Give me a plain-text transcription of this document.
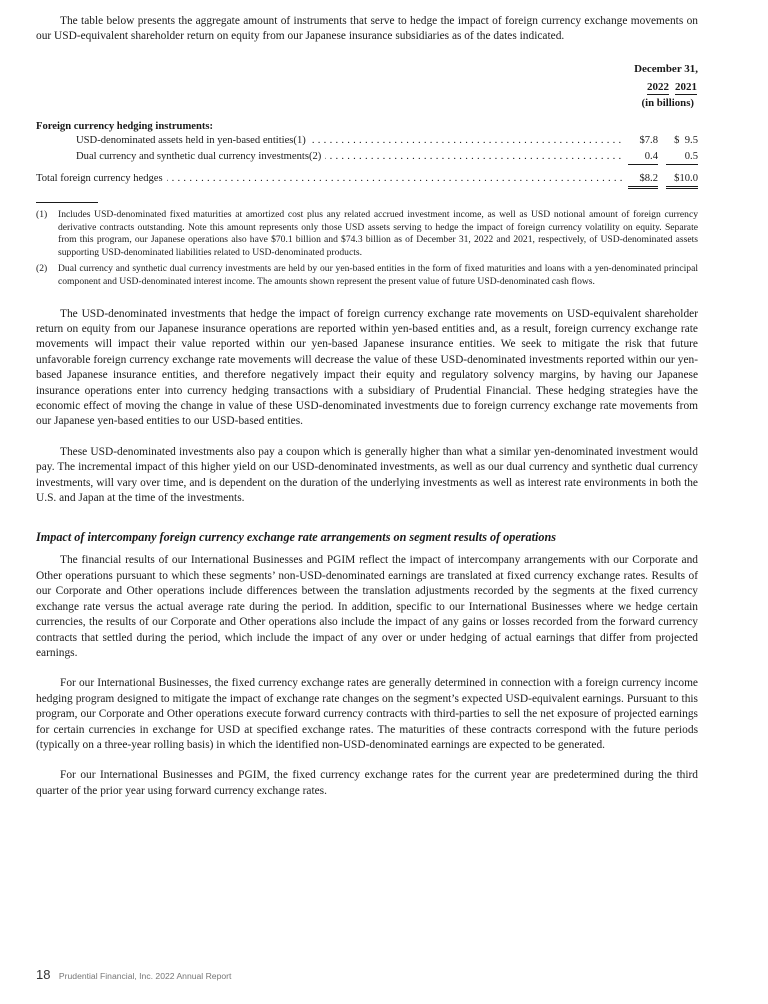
The table below presents the aggregate amount of instruments that serve to hedge the impact of foreign currency exchange movements on our USD-equivalent shareholder return on equity from our Japanese insurance subsidiaries as of the dates indicated.

December 31,
2022 2021
(in billions)
Foreign currency hedging instruments:
USD-denominated assets held in yen-based entities(1) . . .	$7.8	$  9.5
Dual currency and synthetic dual currency investments(2) . . .	0.4	0.5
Total foreign currency hedges . . .	$8.2	$10.0
(1) Includes USD-denominated fixed maturities at amortized cost plus any related accrued investment income, as well as USD notional amount of foreign currency derivative contracts outstanding. Note this amount represents only those USD assets serving to hedge the impact of foreign currency volatility on equity. Separate from this program, our Japanese operations also have $70.1 billion and $74.3 billion as of December 31, 2022 and 2021, respectively, of USD-denominated assets supporting USD-denominated liabilities related to USD-denominated products.
(2) Dual currency and synthetic dual currency investments are held by our yen-based entities in the form of fixed maturities and loans with a yen-denominated principal component and USD-denominated interest income. The amounts shown represent the present value of future USD-denominated cash flows.

The USD-denominated investments that hedge the impact of foreign currency exchange rate movements on USD-equivalent shareholder return on equity from our Japanese insurance operations are reported within yen-based entities and, as a result, foreign currency exchange rate movements will impact their value reported within our yen-based Japanese insurance entities. We seek to mitigate the risk that future unfavorable foreign currency exchange rate movements will decrease the value of these USD-denominated investments reported within our yen-based Japanese insurance entities, and therefore negatively impact their equity and regulatory solvency margins, by having our Japanese insurance operations enter into currency hedging transactions with a subsidiary of Prudential Financial. These hedging strategies have the economic effect of moving the change in value of these USD-denominated investments due to foreign currency exchange rate movements from our Japanese yen-based entities to our USD-based entities.

These USD-denominated investments also pay a coupon which is generally higher than what a similar yen-denominated investment would pay. The incremental impact of this higher yield on our USD-denominated investments, as well as our dual currency and synthetic dual currency investments, will vary over time, and is dependent on the duration of the underlying investments as well as interest rate environments in both the U.S. and Japan at the time of the investments.

Impact of intercompany foreign currency exchange rate arrangements on segment results of operations

The financial results of our International Businesses and PGIM reflect the impact of intercompany arrangements with our Corporate and Other operations pursuant to which these segments’ non-USD-denominated earnings are translated at fixed currency exchange rates. Results of our Corporate and Other operations include differences between the translation adjustments recorded by the segments at the fixed currency exchange rate versus the actual average rate during the period. In addition, specific to our International Businesses where we hedge certain currencies, the results of our Corporate and Other operations also include the impact of any gains or losses recorded from the forward currency contracts that settled during the period, which include the impact of any over or under hedging of actual earnings that differ from projected earnings.

For our International Businesses, the fixed currency exchange rates are generally determined in connection with a foreign currency income hedging program designed to mitigate the impact of exchange rate changes on the segment’s expected USD-equivalent earnings. Pursuant to this program, our Corporate and Other operations execute forward currency contracts with third-parties to sell the net exposure of projected earnings for certain currencies in exchange for USD at specified exchange rates. The maturities of these contracts correspond with the future periods (typically on a three-year rolling basis) in which the identified non-USD-denominated earnings are expected to be generated.

For our International Businesses and PGIM, the fixed currency exchange rates for the current year are predetermined during the third quarter of the prior year using forward currency exchange rates.

18 Prudential Financial, Inc. 2022 Annual Report
